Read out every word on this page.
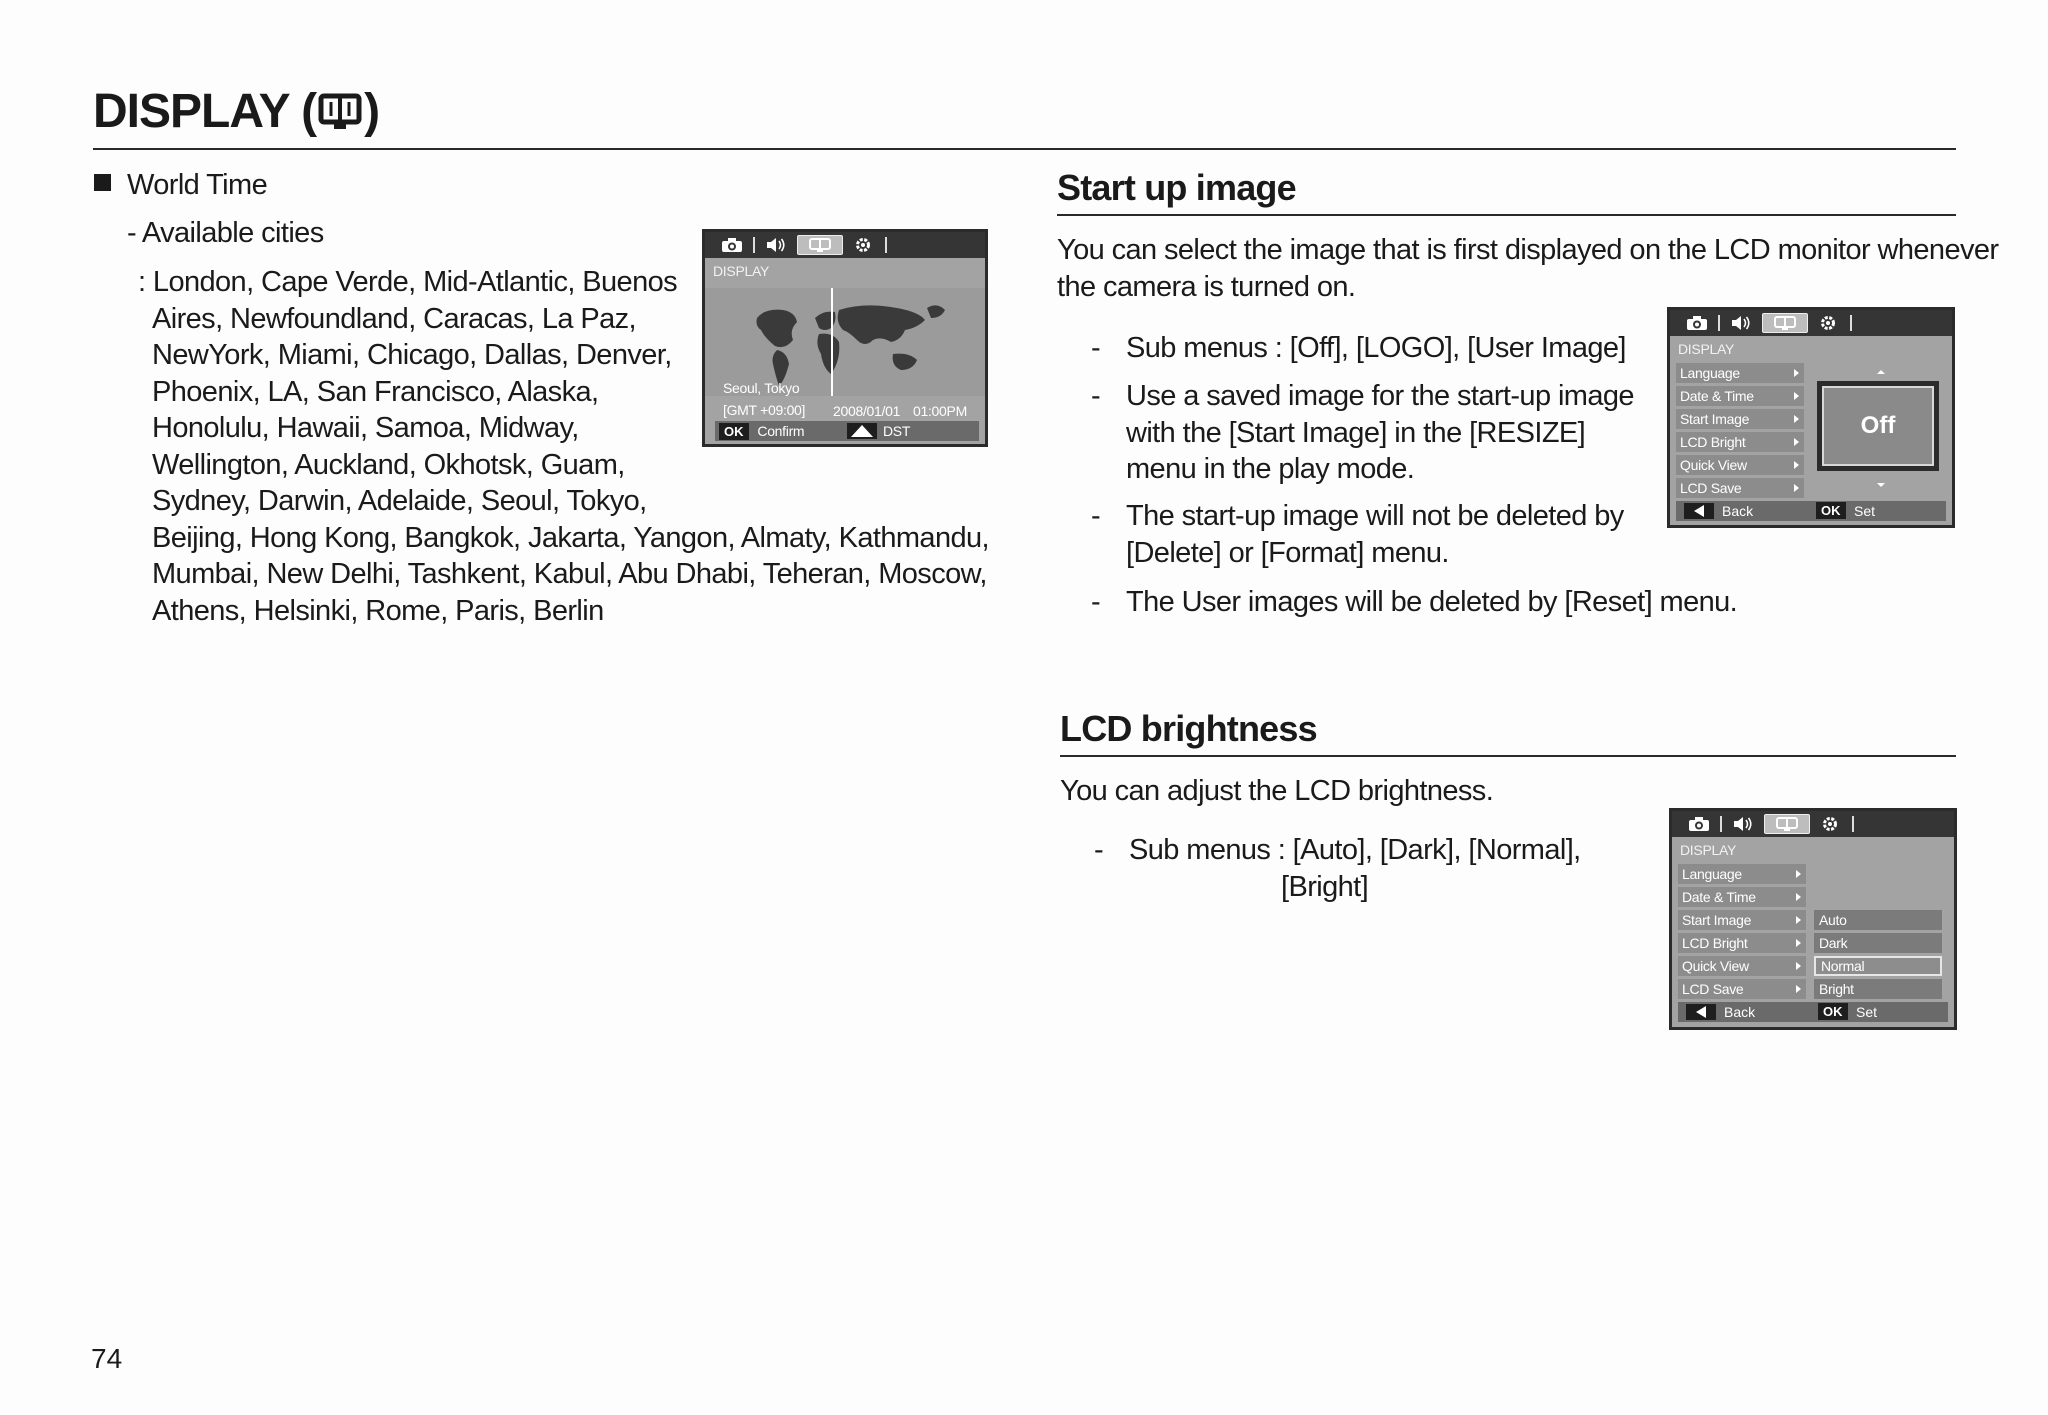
DISPLAY ( )
World Time
- Available cities
: London, Cape Verde, Mid-Atlantic, Buenos
Aires, Newfoundland, Caracas, La Paz,
NewYork, Miami, Chicago, Dallas, Denver,
Phoenix, LA, San Francisco, Alaska,
Honolulu, Hawaii, Samoa, Midway,
Wellington, Auckland, Okhotsk, Guam,
Sydney, Darwin, Adelaide, Seoul, Tokyo,
Beijing, Hong Kong, Bangkok, Jakarta, Yangon, Almaty, Kathmandu,
Mumbai, New Delhi, Tashkent, Kabul, Abu Dhabi, Teheran, Moscow,
Athens, Helsinki, Rome, Paris, Berlin
DISPLAY
Seoul, Tokyo
[GMT +09:00] 2008/01/01 01:00PM
OK Confirm	DST
Start up image
You can select the image that is first displayed on the LCD monitor whenever
the camera is turned on.
- Sub menus : [Off], [LOGO], [User Image]
- Use a saved image for the start-up image
with the [Start Image] in the [RESIZE]
menu in the play mode.
- The start-up image will not be deleted by
[Delete] or [Format] menu.
- The User images will be deleted by [Reset] menu.
DISPLAY
Language
Date & Time
Start Image
LCD Bright
Quick View
LCD Save
Off
Back	OK Set
LCD brightness
You can adjust the LCD brightness.
- Sub menus : [Auto], [Dark], [Normal],
[Bright]
DISPLAY
Language
Date & Time
Start Image
LCD Bright
Quick View
LCD Save
Auto
Dark
Normal
Bright
Back	OK Set
74
